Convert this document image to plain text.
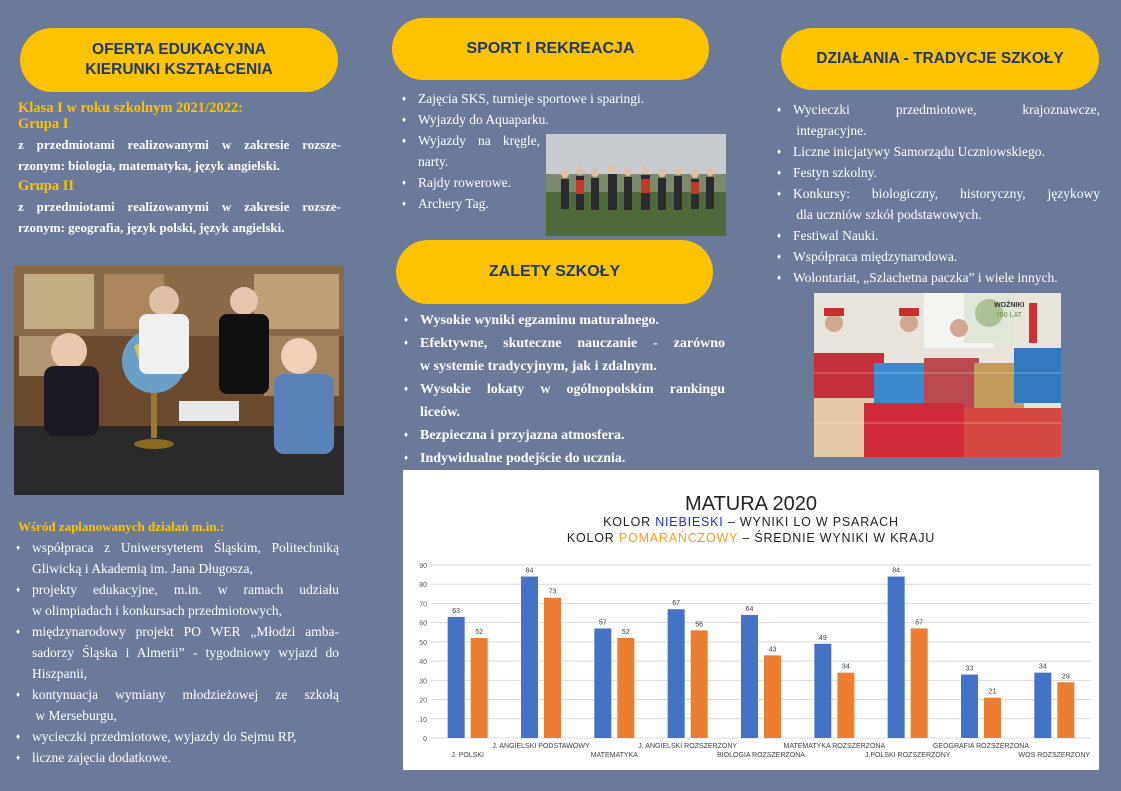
OFERTA EDUKACYJNA
KIERUNKI KSZTAŁCENIA
Klasa I w roku szkolnym 2021/2022:
Grupa I
z przedmiotami realizowanymi w zakresie rozsze-
rzonym: biologia, matematyka, język angielski.
Grupa II
z przedmiotami realizowanymi w zakresie rozsze-
rzonym: geografia, język polski, język angielski.
Wśród zaplanowanych działań m.in.:
♦ współpraca z Uniwersytetem Śląskim, Politechniką
Gliwicką i Akademią im. Jana Długosza,
♦ projekty edukacyjne, m.in. w ramach udziału
w olimpiadach i konkursach przedmiotowych,
♦ międzynarodowy projekt PO WER „Młodzi amba-
sadorzy Śląska i Almerii” - tygodniowy wyjazd do
Hiszpanii,
♦ kontynuacja wymiany młodzieżowej ze szkołą
w Merseburgu,
♦ wycieczki przedmiotowe, wyjazdy do Sejmu RP,
♦ liczne zajęcia dodatkowe.
SPORT I REKREACJA
♦ Zajęcia SKS, turnieje sportowe i sparingi.
♦ Wyjazdy do Aquaparku.
♦ Wyjazdy na kręgle,
narty.
♦ Rajdy rowerowe.
♦ Archery Tag.
ZALETY SZKOŁY
♦ Wysokie wyniki egzaminu maturalnego.
♦ Efektywne, skuteczne nauczanie - zarówno
w systemie tradycyjnym, jak i zdalnym.
♦ Wysokie lokaty w ogólnopolskim rankingu
liceów.
♦ Bezpieczna i przyjazna atmosfera.
♦ Indywidualne podejście do ucznia.
DZIAŁANIA - TRADYCJE SZKOŁY
♦ Wycieczki przedmiotowe, krajoznawcze,
integracyjne.
♦ Liczne inicjatywy Samorządu Uczniowskiego.
♦ Festyn szkolny.
♦ Konkursy: biologiczny, historyczny, językowy
dla uczniów szkół podstawowych.
♦ Festiwal Nauki.
♦ Współpraca międzynarodowa.
♦ Wolontariat, „Szlachetna paczka” i wiele innych.
WOŹNIKI
750 LAT
MATURA 2020
KOLOR NIEBIESKI – WYNIKI LO W PSARACH
KOLOR POMARAŃCZOWY – ŚREDNIE WYNIKI W KRAJU
0
10
20
30
40
50
60
70
80
90
63
52
J. POLSKI
84
73
J. ANGIELSKI PODSTAWOWY
57
52
MATEMATYKA
67
56
J. ANGIELSKI ROZSZERZONY
64
43
BIOLOGIA ROZSZERZONA
49
34
MATEMATYKA ROZSZERZONA
84
57
J.POLSKI ROZSZERZONY
33
21
GEOGRAFIA ROZSZERZONA
34
29
WOS ROZSZERZONY
